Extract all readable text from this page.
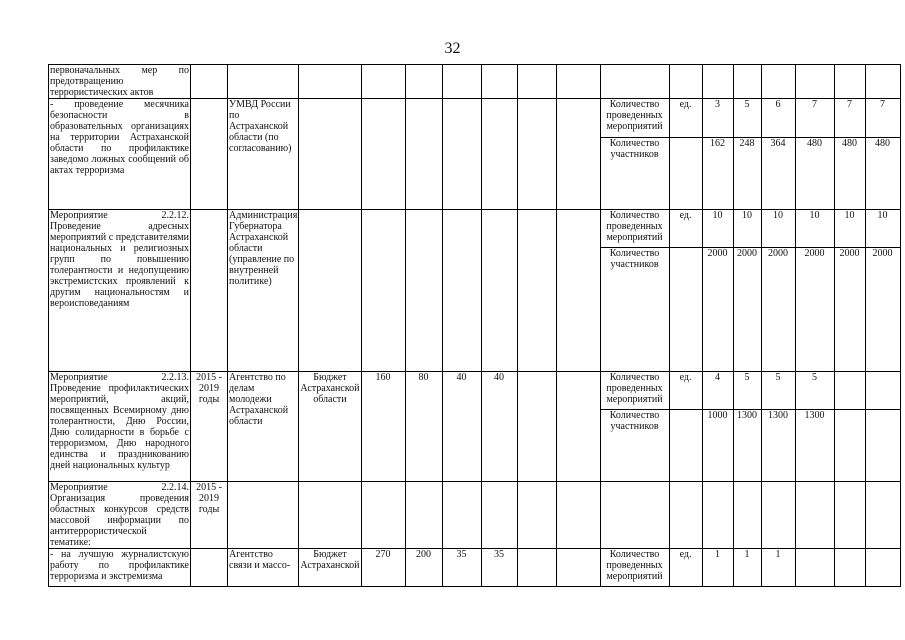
32
первоначальных мер по предотвращению террористических актов																	
- проведение месячника безопасности в образовательных организациях на территории Астраханской области по профилактике заведомо ложных сообщений об актах терроризма		УМВД России по Астраханской области (по согласованию)								Количество проведенных мероприятий	ед.	3	5	6	7	7	7
										Количество участников		162	248	364	480	480	480
Мероприятие 2.2.12. Проведение адресных мероприятий с представителями национальных и религиозных групп по повышению толерантности и недопущению экстремистских проявлений к другим национальностям и вероисповеданиям		Администрация Губернатора Астраханской области (управление по внутренней политике)								Количество проведенных мероприятий	ед.	10	10	10	10	10	10
										Количество участников		2000	2000	2000	2000	2000	2000
Мероприятие 2.2.13. Проведение профилактических мероприятий, акций, посвященных Всемирному дню толерантности, Дню России, Дню солидарности в борьбе с терроризмом, Дню народного единства и праздникованию дней национальных культур	2015 - 2019 годы	Агентство по делам молодежи Астраханской области	Бюджет Астраханской области	160	80	40	40			Количество проведенных мероприятий	ед.	4	5	5	5		
										Количество участников		1000	1300	1300	1300		
Мероприятие 2.2.14. Организация проведения областных конкурсов средств массовой информации по антитеррористической тематике:	2015 - 2019 годы																
- на лучшую журналистскую работу по профилактике терроризма и экстремизма		Агентство связи и массо-	Бюджет Астраханской	270	200	35	35			Количество проведенных мероприятий	ед.	1	1	1			
